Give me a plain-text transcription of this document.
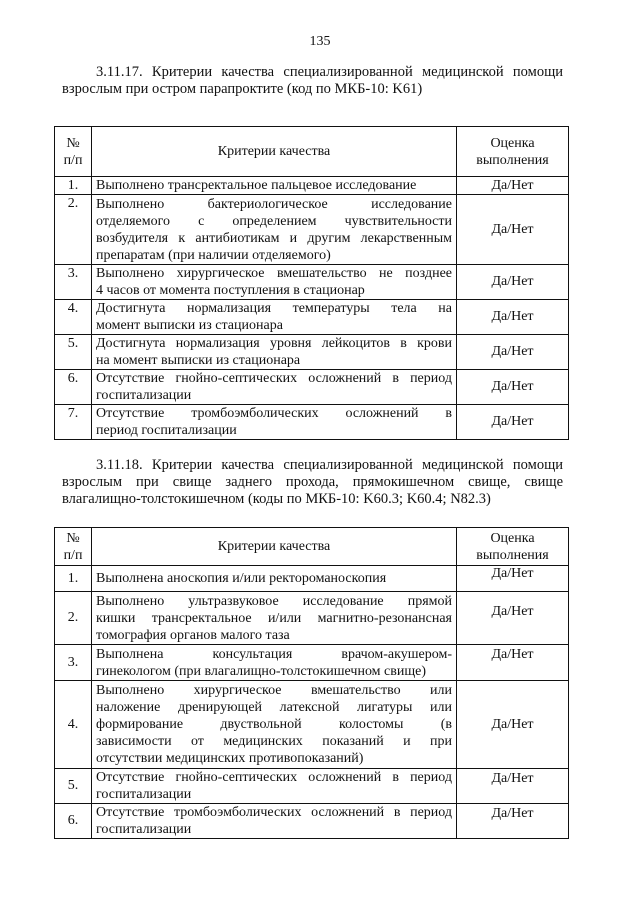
135
3.11.17. Критерии качества специализированной медицинской помощи
взрослым при остром парапроктите (код по МКБ-10: K61)
№
п/п	Критерии качества	Оценка
выполнения
1.	Выполнено трансректальное пальцевое исследование	Да/Нет
2.	Выполнено бактериологическое исследование
отделяемого с определением чувствительности
возбудителя к антибиотикам и другим лекарственным
препаратам (при наличии отделяемого)	Да/Нет
3.	Выполнено хирургическое вмешательство не позднее
4 часов от момента поступления в стационар	Да/Нет
4.	Достигнута нормализация температуры тела на
момент выписки из стационара	Да/Нет
5.	Достигнута нормализация уровня лейкоцитов в крови
на момент выписки из стационара	Да/Нет
6.	Отсутствие гнойно-септических осложнений в период
госпитализации	Да/Нет
7.	Отсутствие тромбоэмболических осложнений в
период госпитализации	Да/Нет
3.11.18. Критерии качества специализированной медицинской помощи
взрослым при свище заднего прохода, прямокишечном свище, свище
влагалищно-толстокишечном (коды по МКБ-10: K60.3; K60.4; N82.3)
№
п/п	Критерии качества	Оценка
выполнения
1.	Выполнена аноскопия и/или ректороманоскопия	Да/Нет
2.	Выполнено ультразвуковое исследование прямой
кишки трансректальное и/или магнитно-резонансная
томография органов малого таза	Да/Нет
3.	Выполнена консультация врачом-акушером-
гинекологом (при влагалищно-толстокишечном свище)	Да/Нет
4.	Выполнено хирургическое вмешательство или
наложение дренирующей латексной лигатуры или
формирование двуствольной колостомы (в
зависимости от медицинских показаний и при
отсутствии медицинских противопоказаний)	Да/Нет
5.	Отсутствие гнойно-септических осложнений в период
госпитализации	Да/Нет
6.	Отсутствие тромбоэмболических осложнений в период
госпитализации	Да/Нет
